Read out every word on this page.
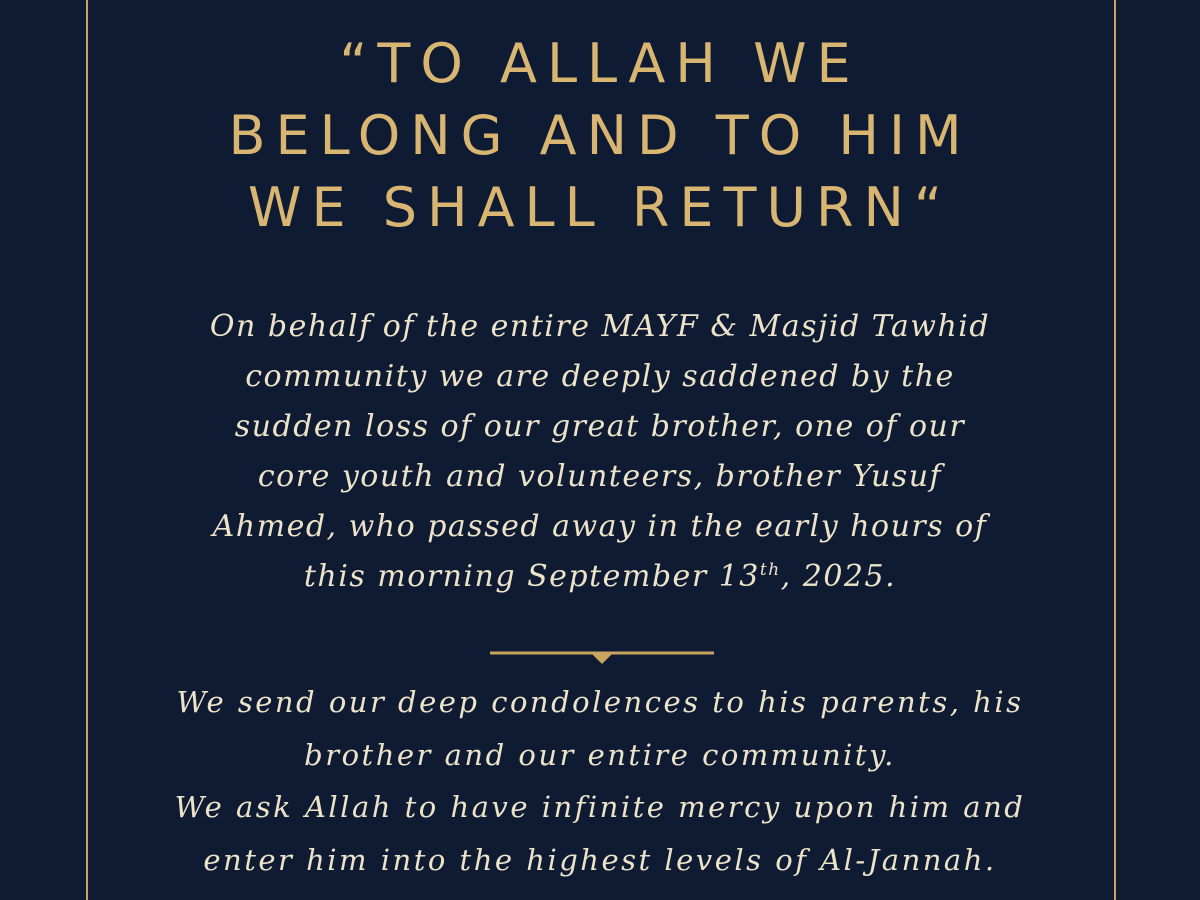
“TO ALLAH WE
BELONG AND TO HIM
WE SHALL RETURN“
On behalf of the entire MAYF & Masjid Tawhid
community we are deeply saddened by the
sudden loss of our great brother, one of our
core youth and volunteers, brother Yusuf
Ahmed, who passed away in the early hours of
this morning September 13th, 2025.
We send our deep condolences to his parents, his
brother and our entire community.
We ask Allah to have infinite mercy upon him and
enter him into the highest levels of Al-Jannah.
